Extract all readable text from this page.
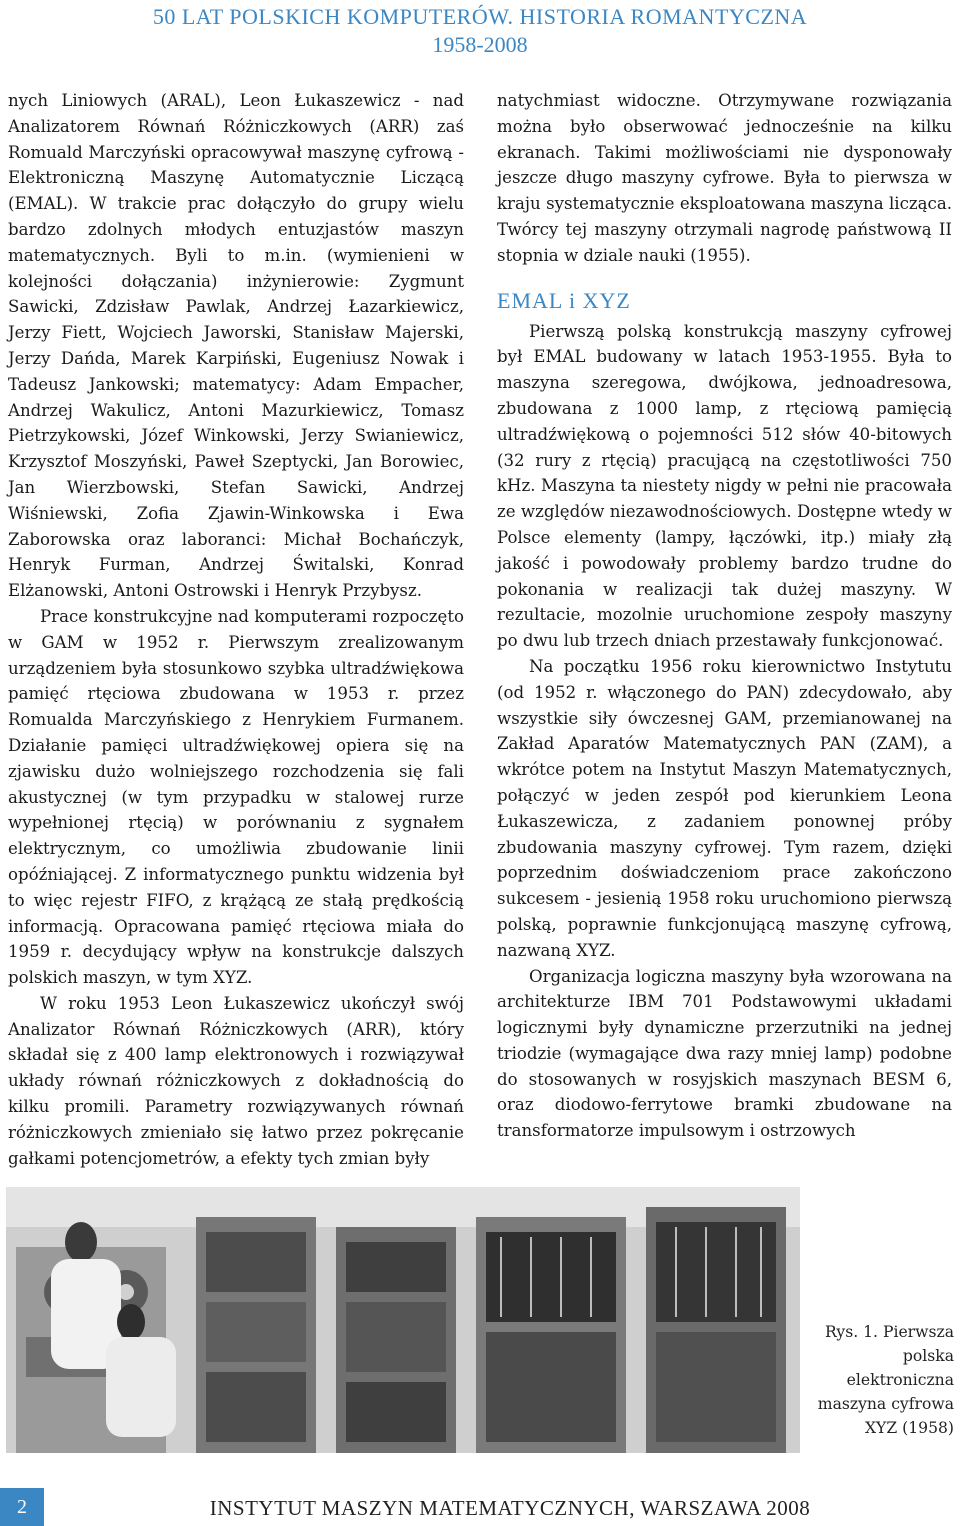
50 LAT POLSKICH KOMPUTERÓW. HISTORIA ROMANTYCZNA
1958-2008

nych Liniowych (ARAL), Leon Łukaszewicz - nad Analizatorem Równań Różniczkowych (ARR) zaś Romuald Marczyński opracowywał maszynę cyfrową - Elektroniczną Maszynę Automatycznie Liczącą (EMAL). W trakcie prac dołączyło do grupy wielu bardzo zdolnych młodych entuzjastów maszyn matematycznych. Byli to m.in. (wymienieni w kolejności dołączania) inżynierowie: Zygmunt Sawicki, Zdzisław Pawlak, Andrzej Łazarkiewicz, Jerzy Fiett, Wojciech Jaworski, Stanisław Majerski, Jerzy Dańda, Marek Karpiński, Eugeniusz Nowak i Tadeusz Jankowski; matematycy: Adam Empacher, Andrzej Wakulicz, Antoni Mazurkiewicz, Tomasz Pietrzykowski, Józef Winkowski, Jerzy Swianiewicz, Krzysztof Moszyński, Paweł Szeptycki, Jan Borowiec, Jan Wierzbowski, Stefan Sawicki, Andrzej Wiśniewski, Zofia Zjawin-Winkowska i Ewa Zaborowska oraz laboranci: Michał Bochańczyk, Henryk Furman, Andrzej Świtalski, Konrad Elżanowski, Antoni Ostrowski i Henryk Przybysz.

Prace konstrukcyjne nad komputerami rozpoczęto w GAM w 1952 r. Pierwszym zrealizowanym urządzeniem była stosunkowo szybka ultradźwiękowa pamięć rtęciowa zbudowana w 1953 r. przez Romualda Marczyńskiego z Henrykiem Furmanem. Działanie pamięci ultradźwiękowej opiera się na zjawisku dużo wolniejszego rozchodzenia się fali akustycznej (w tym przypadku w stalowej rurze wypełnionej rtęcią) w porównaniu z sygnałem elektrycznym, co umożliwia zbudowanie linii opóźniającej. Z informatycznego punktu widzenia był to więc rejestr FIFO, z krążącą ze stałą prędkością informacją. Opracowana pamięć rtęciowa miała do 1959 r. decydujący wpływ na konstrukcje dalszych polskich maszyn, w tym XYZ.

W roku 1953 Leon Łukaszewicz ukończył swój Analizator Równań Różniczkowych (ARR), który składał się z 400 lamp elektronowych i rozwiązywał układy równań różniczkowych z dokładnością do kilku promili. Parametry rozwiązywanych równań różniczkowych zmieniało się łatwo przez pokręcanie gałkami potencjometrów, a efekty tych zmian były

natychmiast widoczne. Otrzymywane rozwiązania można było obserwować jednocześnie na kilku ekranach. Takimi możliwościami nie dysponowały jeszcze długo maszyny cyfrowe. Była to pierwsza w kraju systematycznie eksploatowana maszyna licząca. Twórcy tej maszyny otrzymali nagrodę państwową II stopnia w dziale nauki (1955).

EMAL i XYZ

Pierwszą polską konstrukcją maszyny cyfrowej był EMAL budowany w latach 1953-1955. Była to maszyna szeregowa, dwójkowa, jednoadresowa, zbudowana z 1000 lamp, z rtęciową pamięcią ultradźwiękową o pojemności 512 słów 40-bitowych (32 rury z rtęcią) pracującą na częstotliwości 750 kHz. Maszyna ta niestety nigdy w pełni nie pracowała ze względów niezawodnościowych. Dostępne wtedy w Polsce elementy (lampy, łączówki, itp.) miały złą jakość i powodowały problemy bardzo trudne do pokonania w realizacji tak dużej maszyny. W rezultacie, mozolnie uruchomione zespoły maszyny po dwu lub trzech dniach przestawały funkcjonować.

Na początku 1956 roku kierownictwo Instytutu (od 1952 r. włączonego do PAN) zdecydowało, aby wszystkie siły ówczesnej GAM, przemianowanej na Zakład Aparatów Matematycznych PAN (ZAM), a wkrótce potem na Instytut Maszyn Matematycznych, połączyć w jeden zespół pod kierunkiem Leona Łukaszewicza, z zadaniem ponownej próby zbudowania maszyny cyfrowej. Tym razem, dzięki poprzednim doświadczeniom prace zakończono sukcesem - jesienią 1958 roku uruchomiono pierwszą polską, poprawnie funkcjonującą maszynę cyfrową, nazwaną XYZ.

Organizacja logiczna maszyny była wzorowana na architekturze IBM 701 Podstawowymi układami logicznymi były dynamiczne przerzutniki na jednej triodzie (wymagające dwa razy mniej lamp) podobne do stosowanych w rosyjskich maszynach BESM 6, oraz diodowo-ferrytowe bramki zbudowane na transformatorze impulsowym i ostrzowych

Rys. 1. Pierwsza polska elektroniczna maszyna cyfrowa XYZ (1958)
2	INSTYTUT MASZYN MATEMATYCZNYCH, WARSZAWA 2008
